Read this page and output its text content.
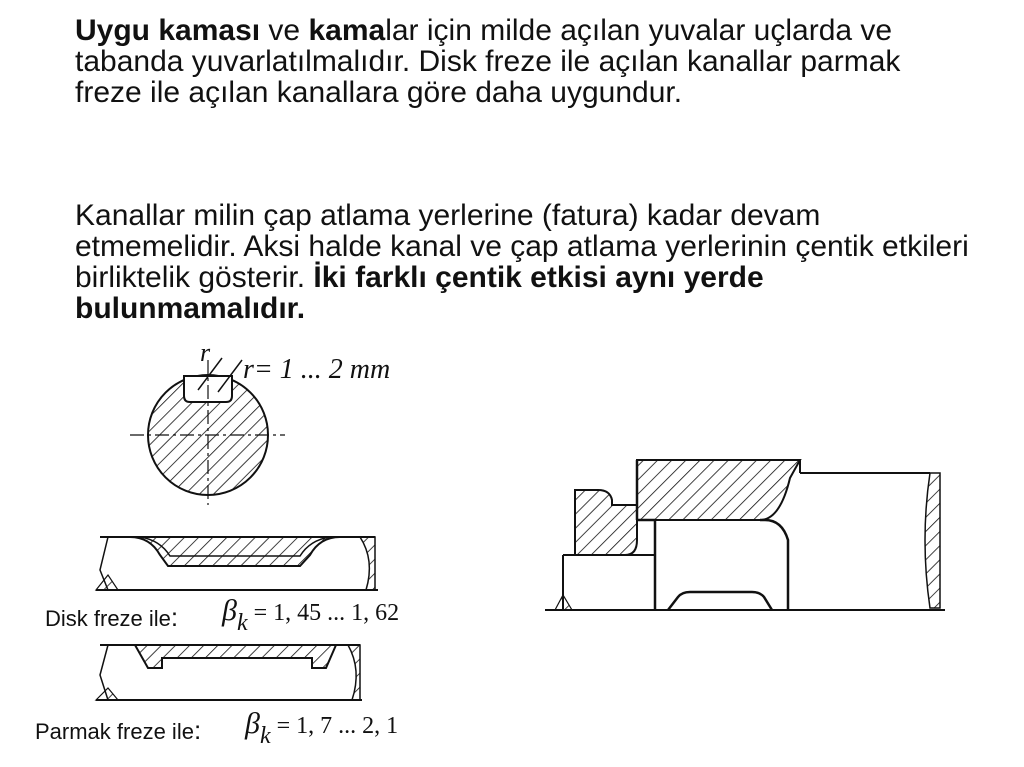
Uygu kaması ve kamalar için milde açılan yuvalar uçlarda ve tabanda yuvarlatılmalıdır. Disk freze ile açılan kanallar parmak freze ile açılan kanallara göre daha uygundur.

Kanallar milin çap atlama yerlerine (fatura) kadar devam etmemelidir. Aksi halde kanal ve çap atlama yerlerinin çentik etkileri birliktelik gösterir. İki farklı çentik etkisi aynı yerde bulunmamalıdır.

r
r= 1 ... 2 mm
Disk freze ile: βk = 1, 45 ... 1, 62
Parmak freze ile: βk = 1, 7 ... 2, 1
